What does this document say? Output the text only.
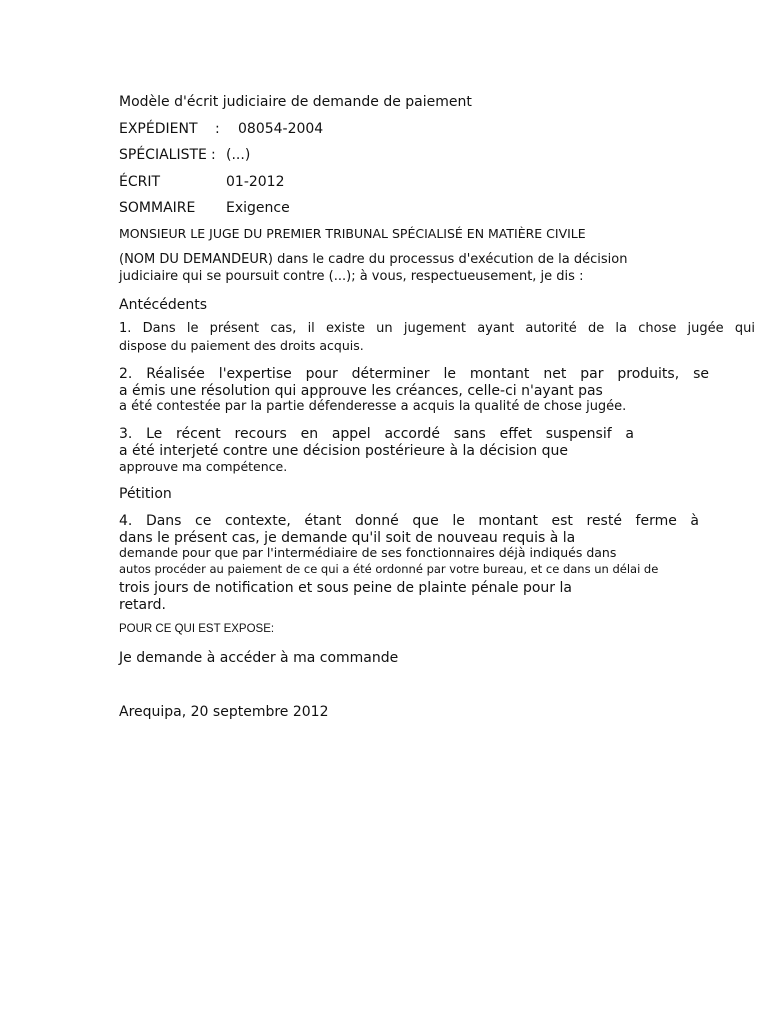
Modèle d'écrit judiciaire de demande de paiement
EXPÉDIENT : 08054-2004
SPÉCIALISTE : (...)
ÉCRIT	01-2012
SOMMAIRE Exigence
MONSIEUR LE JUGE DU PREMIER TRIBUNAL SPÉCIALISÉ EN MATIÈRE CIVILE
(NOM DU DEMANDEUR) dans le cadre du processus d'exécution de la décision
judiciaire qui se poursuit contre (...); à vous, respectueusement, je dis :
Antécédents
1. Dans le présent cas, il existe un jugement ayant autorité de la chose jugée qui
dispose du paiement des droits acquis.
2. Réalisée l'expertise pour déterminer le montant net par produits, se
a émis une résolution qui approuve les créances, celle-ci n'ayant pas
a été contestée par la partie défenderesse a acquis la qualité de chose jugée.
3. Le récent recours en appel accordé sans effet suspensif a
a été interjeté contre une décision postérieure à la décision que
approuve ma compétence.
Pétition
4. Dans ce contexte, étant donné que le montant est resté ferme à
dans le présent cas, je demande qu'il soit de nouveau requis à la
demande pour que par l'intermédiaire de ses fonctionnaires déjà indiqués dans
autos procéder au paiement de ce qui a été ordonné par votre bureau, et ce dans un délai de
trois jours de notification et sous peine de plainte pénale pour la
retard.
POUR CE QUI EST EXPOSE:
Je demande à accéder à ma commande
Arequipa, 20 septembre 2012
